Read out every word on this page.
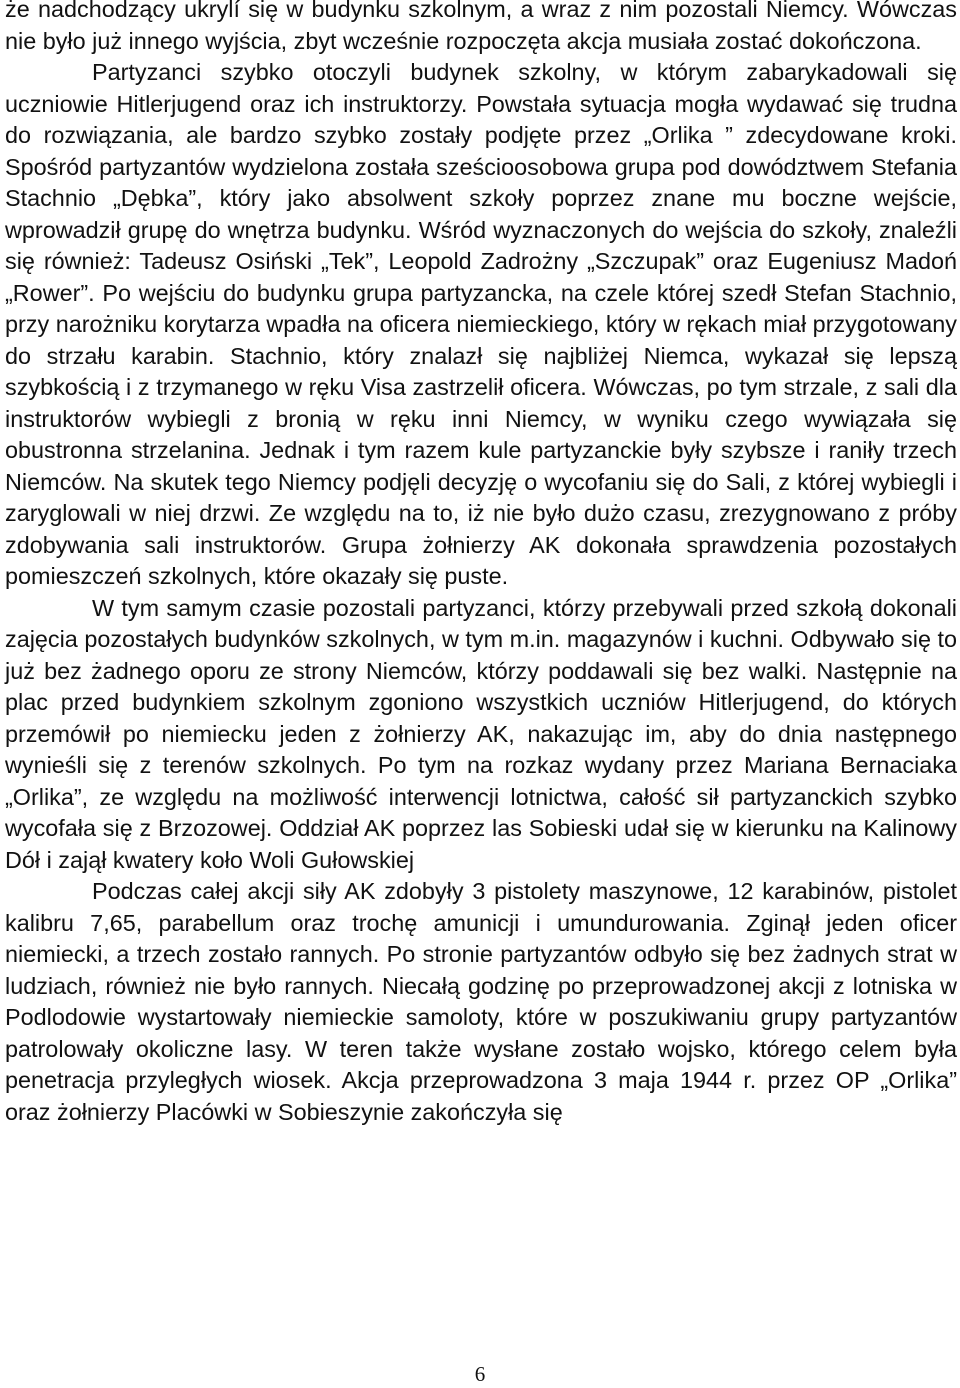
że nadchodzący ukrylí się w budynku szkolnym, a wraz z nim pozostali Niemcy. Wówczas nie było już innego wyjścia, zbyt wcześnie rozpoczęta akcja musiała zostać dokończona.

Partyzanci szybko otoczyli budynek szkolny, w którym zabarykadowali się uczniowie Hitlerjugend oraz ich instruktorzy. Powstała sytuacja mogła wydawać się trudna do rozwiązania, ale bardzo szybko zostały podjęte przez „Orlika ” zdecydowane kroki. Spośród partyzantów wydzielona została sześcioosobowa grupa pod dowództwem Stefania Stachnio „Dębka”, który jako absolwent szkoły poprzez znane mu boczne wejście, wprowadził grupę do wnętrza budynku. Wśród wyznaczonych do wejścia do szkoły, znaleźli się również: Tadeusz Osiński „Tek”, Leopold Zadrożny „Szczupak” oraz Eugeniusz Madoń „Rower”. Po wejściu do budynku grupa partyzancka, na czele której szedł Stefan Stachnio, przy narożniku korytarza wpadła na oficera niemieckiego, który w rękach miał przygotowany do strzału karabin. Stachnio, który znalazł się najbliżej Niemca, wykazał się lepszą szybkością i z trzymanego w ręku Visa zastrzelił oficera. Wówczas, po tym strzale, z sali dla instruktorów wybiegli z bronią w ręku inni Niemcy, w wyniku czego wywiązała się obustronna strzelanina. Jednak i tym razem kule partyzanckie były szybsze i raniły trzech Niemców. Na skutek tego Niemcy podjęli decyzję o wycofaniu się do Sali, z której wybiegli i zaryglowali w niej drzwi. Ze względu na to, iż nie było dużo czasu, zrezygnowano z próby zdobywania sali instruktorów. Grupa żołnierzy AK dokonała sprawdzenia pozostałych pomieszczeń szkolnych, które okazały się puste.

W tym samym czasie pozostali partyzanci, którzy przebywali przed szkołą dokonali zajęcia pozostałych budynków szkolnych, w tym m.in. magazynów i kuchni. Odbywało się to już bez żadnego oporu ze strony Niemców, którzy poddawali się bez walki. Następnie na plac przed budynkiem szkolnym zgoniono wszystkich uczniów Hitlerjugend, do których przemówił po niemiecku jeden z żołnierzy AK, nakazując im, aby do dnia następnego wynieśli się z terenów szkolnych. Po tym na rozkaz wydany przez Mariana Bernaciaka „Orlika”, ze względu na możliwość interwencji lotnictwa, całość sił partyzanckich szybko wycofała się z Brzozowej. Oddział AK poprzez las Sobieski udał się w kierunku na Kalinowy Dół i zajął kwatery koło Woli Gułowskiej

Podczas całej akcji siły AK zdobyły 3 pistolety maszynowe, 12 karabinów, pistolet kalibru 7,65, parabellum oraz trochę amunicji i umundurowania. Zginął jeden oficer niemiecki, a trzech zostało rannych. Po stronie partyzantów odbyło się bez żadnych strat w ludziach, również nie było rannych. Niecałą godzinę po przeprowadzonej akcji z lotniska w Podlodowie wystartowały niemieckie samoloty, które w poszukiwaniu grupy partyzantów patrolowały okoliczne lasy. W teren także wysłane zostało wojsko, którego celem była penetracja przyległych wiosek. Akcja przeprowadzona 3 maja 1944 r. przez OP „Orlika” oraz żołnierzy Placówki w Sobieszynie zakończyła się

6
